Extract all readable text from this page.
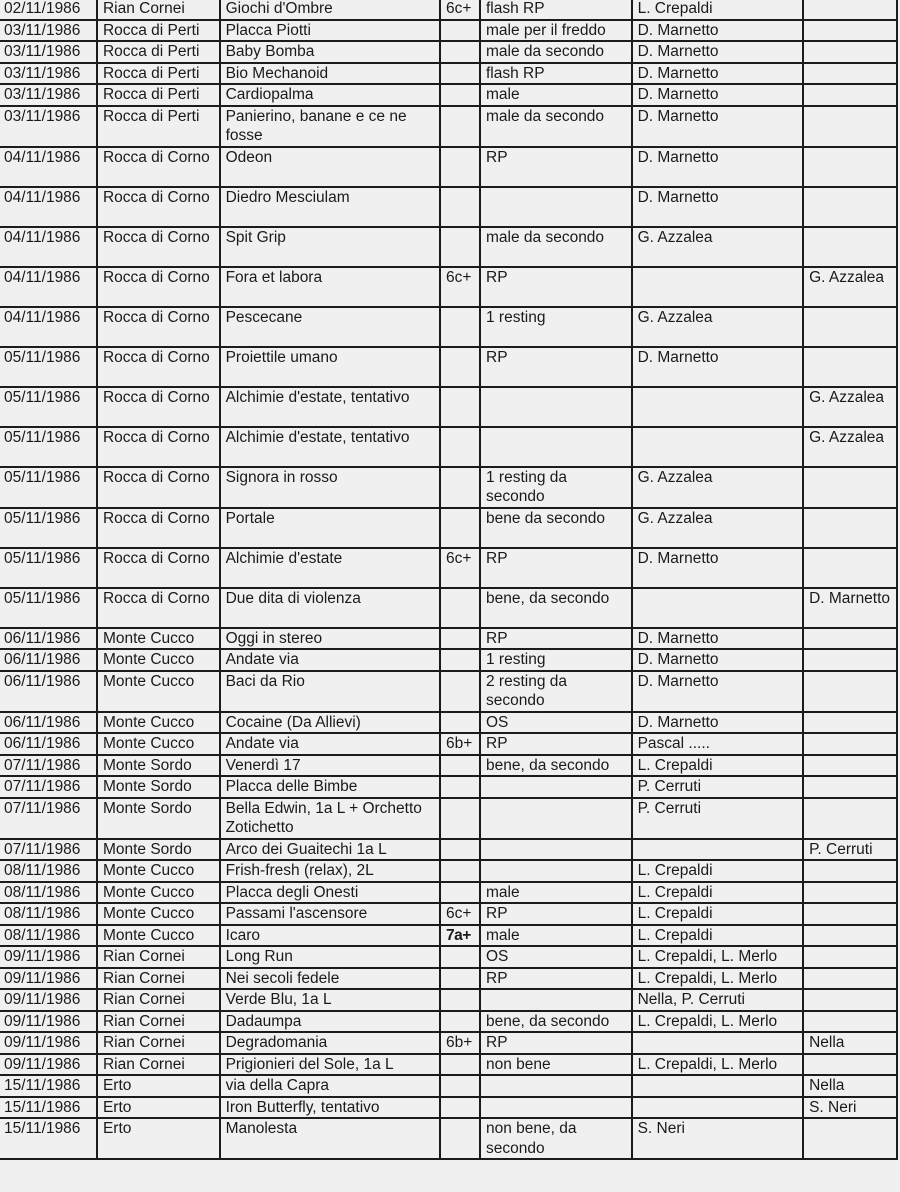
02/11/1986	Rian Cornei	Giochi d'Ombre	6c+	flash RP	L. Crepaldi	
03/11/1986	Rocca di Perti	Placca Piotti		male per il freddo	D. Marnetto	
03/11/1986	Rocca di Perti	Baby Bomba		male da secondo	D. Marnetto	
03/11/1986	Rocca di Perti	Bio Mechanoid		flash RP	D. Marnetto	
03/11/1986	Rocca di Perti	Cardiopalma		male	D. Marnetto	
03/11/1986	Rocca di Perti	Panierino, banane e ce ne fosse		male da secondo	D. Marnetto	
04/11/1986	Rocca di Corno	Odeon		RP	D. Marnetto	
04/11/1986	Rocca di Corno	Diedro Mesciulam			D. Marnetto	
04/11/1986	Rocca di Corno	Spit Grip		male da secondo	G. Azzalea	
04/11/1986	Rocca di Corno	Fora et labora	6c+	RP		G. Azzalea
04/11/1986	Rocca di Corno	Pescecane		1 resting	G. Azzalea	
05/11/1986	Rocca di Corno	Proiettile umano		RP	D. Marnetto	
05/11/1986	Rocca di Corno	Alchimie d'estate, tentativo				G. Azzalea
05/11/1986	Rocca di Corno	Alchimie d'estate, tentativo				G. Azzalea
05/11/1986	Rocca di Corno	Signora in rosso		1 resting da secondo	G. Azzalea	
05/11/1986	Rocca di Corno	Portale		bene da secondo	G. Azzalea	
05/11/1986	Rocca di Corno	Alchimie d'estate	6c+	RP	D. Marnetto	
05/11/1986	Rocca di Corno	Due dita di violenza		bene, da secondo		D. Marnetto
06/11/1986	Monte Cucco	Oggi in stereo		RP	D. Marnetto	
06/11/1986	Monte Cucco	Andate via		1 resting	D. Marnetto	
06/11/1986	Monte Cucco	Baci da Rio		2 resting da secondo	D. Marnetto	
06/11/1986	Monte Cucco	Cocaine (Da Allievi)		OS	D. Marnetto	
06/11/1986	Monte Cucco	Andate via	6b+	RP	Pascal .....	
07/11/1986	Monte Sordo	Venerdì 17		bene, da secondo	L. Crepaldi	
07/11/1986	Monte Sordo	Placca delle Bimbe			P. Cerruti	
07/11/1986	Monte Sordo	Bella Edwin, 1a L + Orchetto Zotichetto			P. Cerruti	
07/11/1986	Monte Sordo	Arco dei Guaitechi 1a L				P. Cerruti
08/11/1986	Monte Cucco	Frish-fresh (relax), 2L			L. Crepaldi	
08/11/1986	Monte Cucco	Placca degli Onesti		male	L. Crepaldi	
08/11/1986	Monte Cucco	Passami l'ascensore	6c+	RP	L. Crepaldi	
08/11/1986	Monte Cucco	Icaro	7a+	male	L. Crepaldi	
09/11/1986	Rian Cornei	Long Run		OS	L. Crepaldi, L. Merlo	
09/11/1986	Rian Cornei	Nei secoli fedele		RP	L. Crepaldi, L. Merlo	
09/11/1986	Rian Cornei	Verde Blu, 1a L			Nella, P. Cerruti	
09/11/1986	Rian Cornei	Dadaumpa		bene, da secondo	L. Crepaldi, L. Merlo	
09/11/1986	Rian Cornei	Degradomania	6b+	RP		Nella
09/11/1986	Rian Cornei	Prigionieri del Sole, 1a L		non bene	L. Crepaldi, L. Merlo	
15/11/1986	Erto	via della Capra				Nella
15/11/1986	Erto	Iron Butterfly, tentativo				S. Neri
15/11/1986	Erto	Manolesta		non bene, da secondo	S. Neri	
